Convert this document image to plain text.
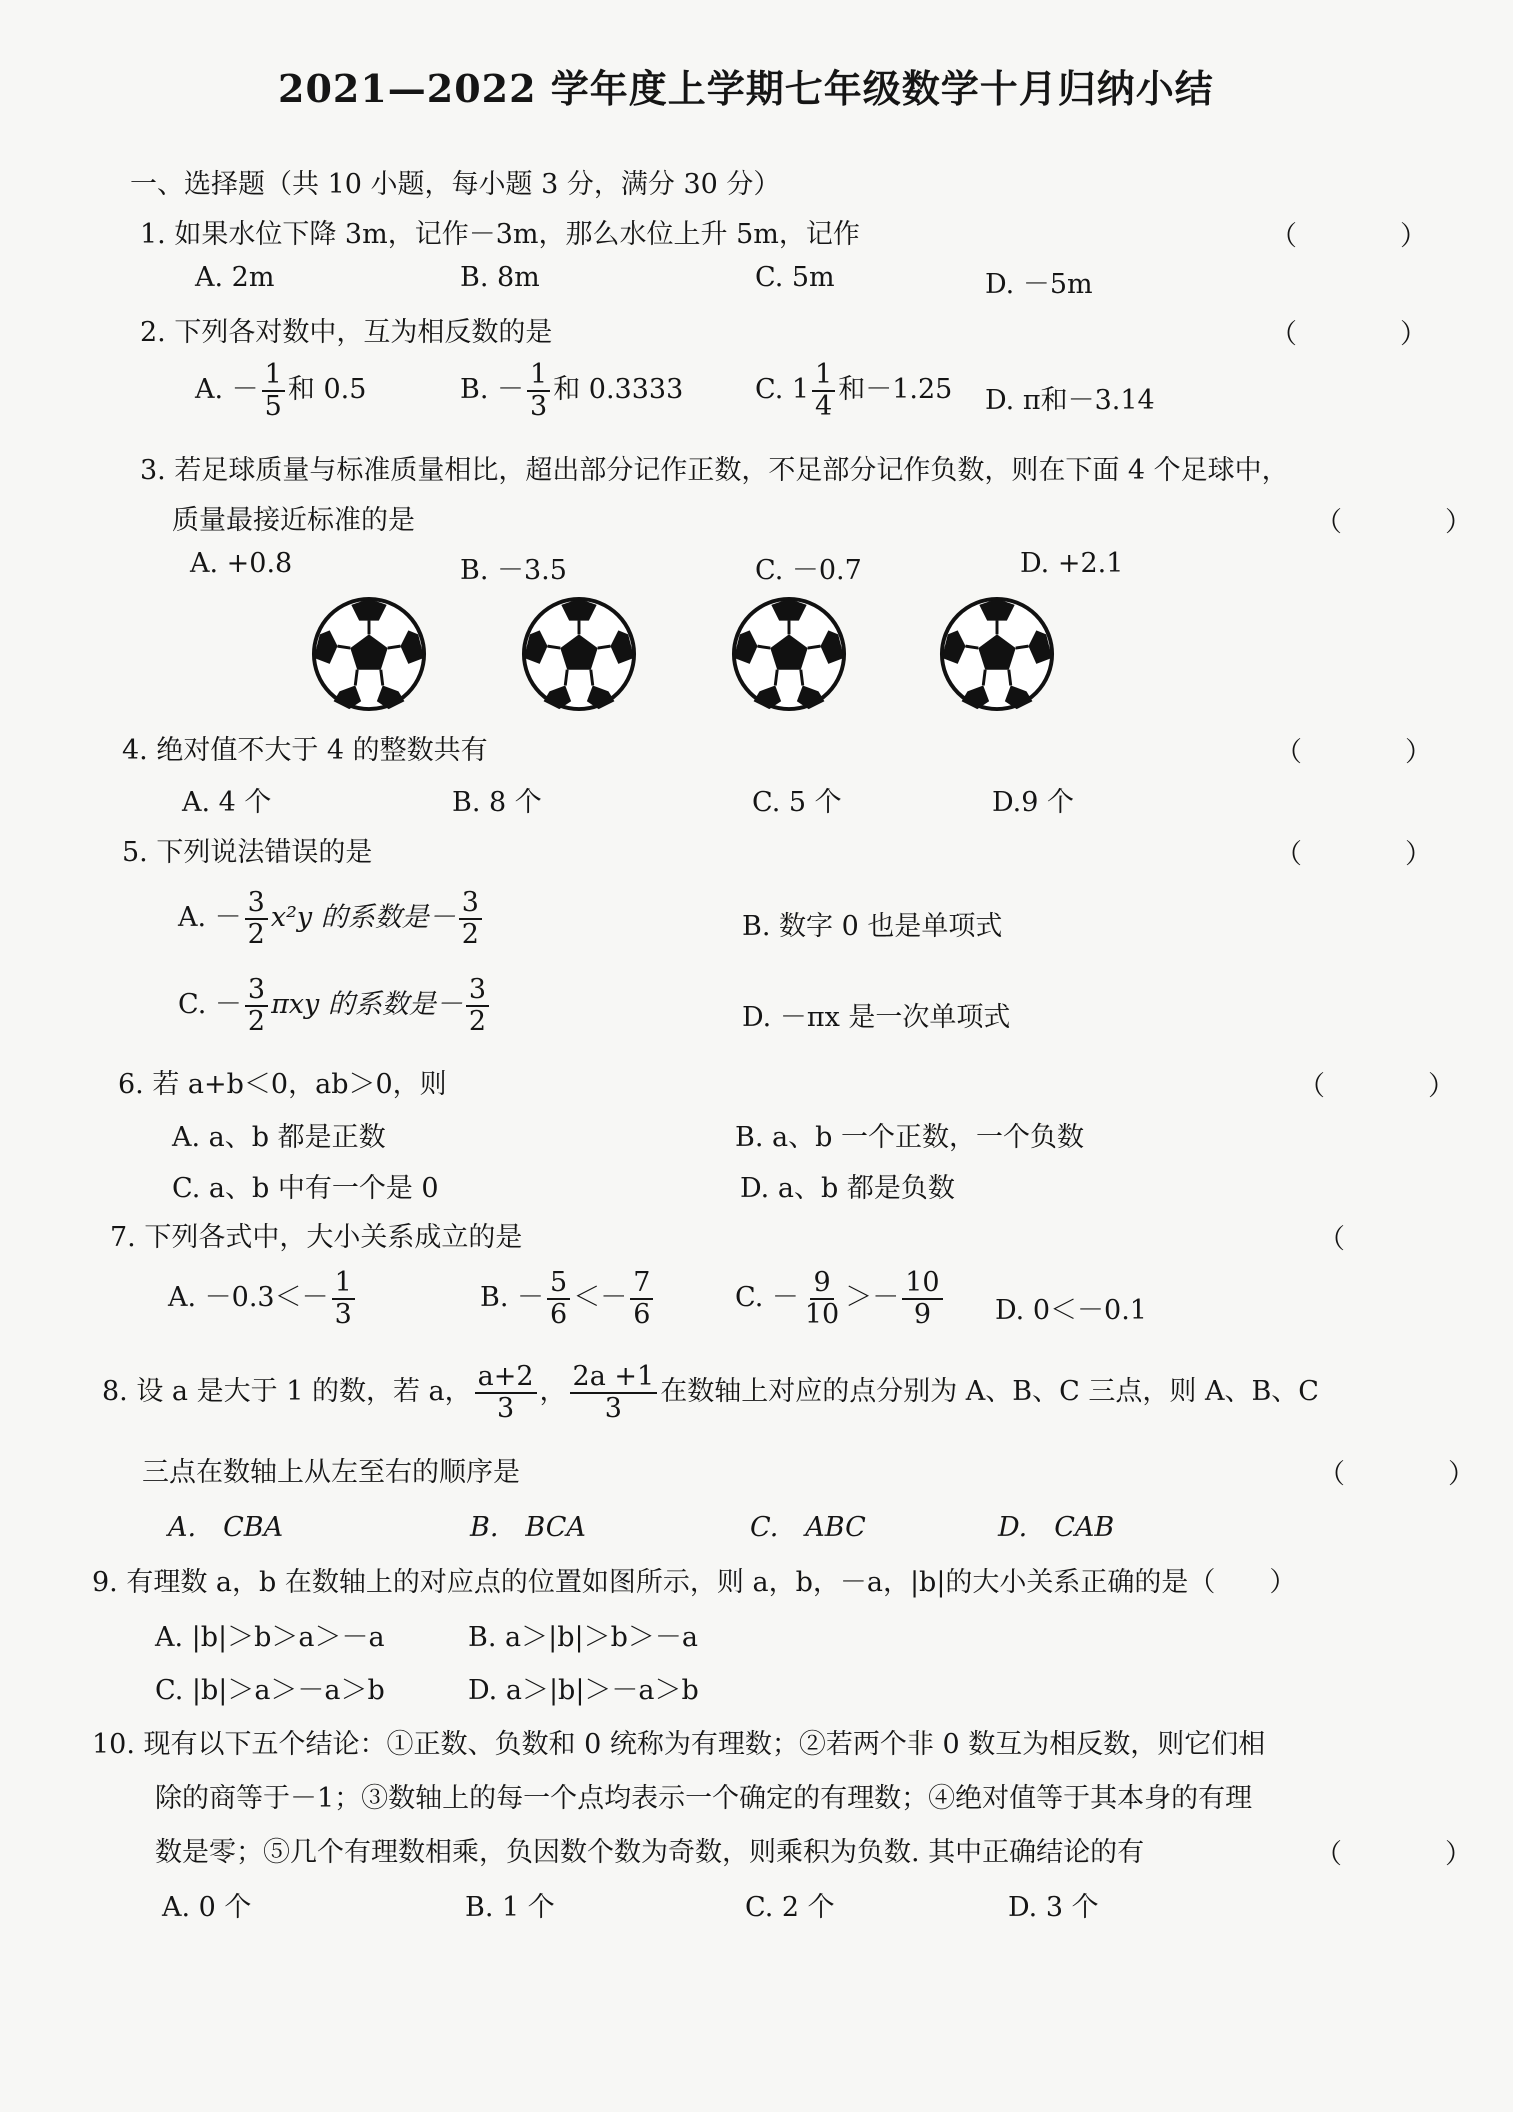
2021—2022 学年度上学期七年级数学十月归纳小结
一、选择题（共 10 小题，每小题 3 分，满分 30 分）
1. 如果水位下降 3m，记作－3m，那么水位上升 5m，记作	（　）
A. 2m	B. 8m	C. 5m	D. －5m
2. 下列各对数中，互为相反数的是	（　）
A. － $\frac{1}{5}$ 和 0.5	B. － $\frac{1}{3}$ 和 0.3333	C. $1 \frac{1}{4}$ 和－1.25 D. π和－3.14
3. 若足球质量与标准质量相比，超出部分记作正数，不足部分记作负数，则在下面 4 个足球中，
质量最接近标准的是	（　）
A. +0.8	B. －3.5	C. －0.7	D. +2.1
4. 绝对值不大于 4 的整数共有	（　）
A. 4 个	B. 8 个	C. 5 个	D.9 个
5. 下列说法错误的是	（　）
A. － $\frac{3}{2} x^2y$ 的系数是－ $\frac{3}{2}$	B. 数字 0 也是单项式
C. － $\frac{3}{2}$ πxy 的系数是－ $\frac{3}{2}$	D. －πx 是一次单项式
6. 若 a+b＜0，ab＞0，则	（　）
A. a、b 都是正数	B. a、b 一个正数，一个负数
C. a、b 中有一个是 0	D. a、b 都是负数
7. 下列各式中，大小关系成立的是	（
A. $-0.3<- \frac{1}{3}$	B. － $\frac{5}{6} <- \frac{7}{6}$	C. － $\frac{9}{10} >- \frac{10}{9} D$. 0＜－0.1
8. 设 a 是大于 1 的数，若 a， $\frac{a+2}{3}$ ， $\frac{2a +1}{3}$ 在数轴上对应的点分别为 A、B、C 三点，则 A、B、C
三点在数轴上从左至右的顺序是	（　）
A.　CBA	B.　BCA	C.　ABC	D.　CAB
9. 有理数 a，b 在数轴上的对应点的位置如图所示，则 a，b，－a，|b|的大小关系正确的是（　　）
A. |b|＞b＞a＞－a	B. a＞|b|＞b＞－a
C. |b|＞a＞－a＞b	D. a＞|b|＞－a＞b
10. 现有以下五个结论：①正数、负数和 0 统称为有理数；②若两个非 0 数互为相反数，则它们相
除的商等于－1；③数轴上的每一个点均表示一个确定的有理数；④绝对值等于其本身的有理
数是零；⑤几个有理数相乘，负因数个数为奇数，则乘积为负数. 其中正确结论的有	（　）
A. 0 个	B. 1 个	C. 2 个	D. 3 个
